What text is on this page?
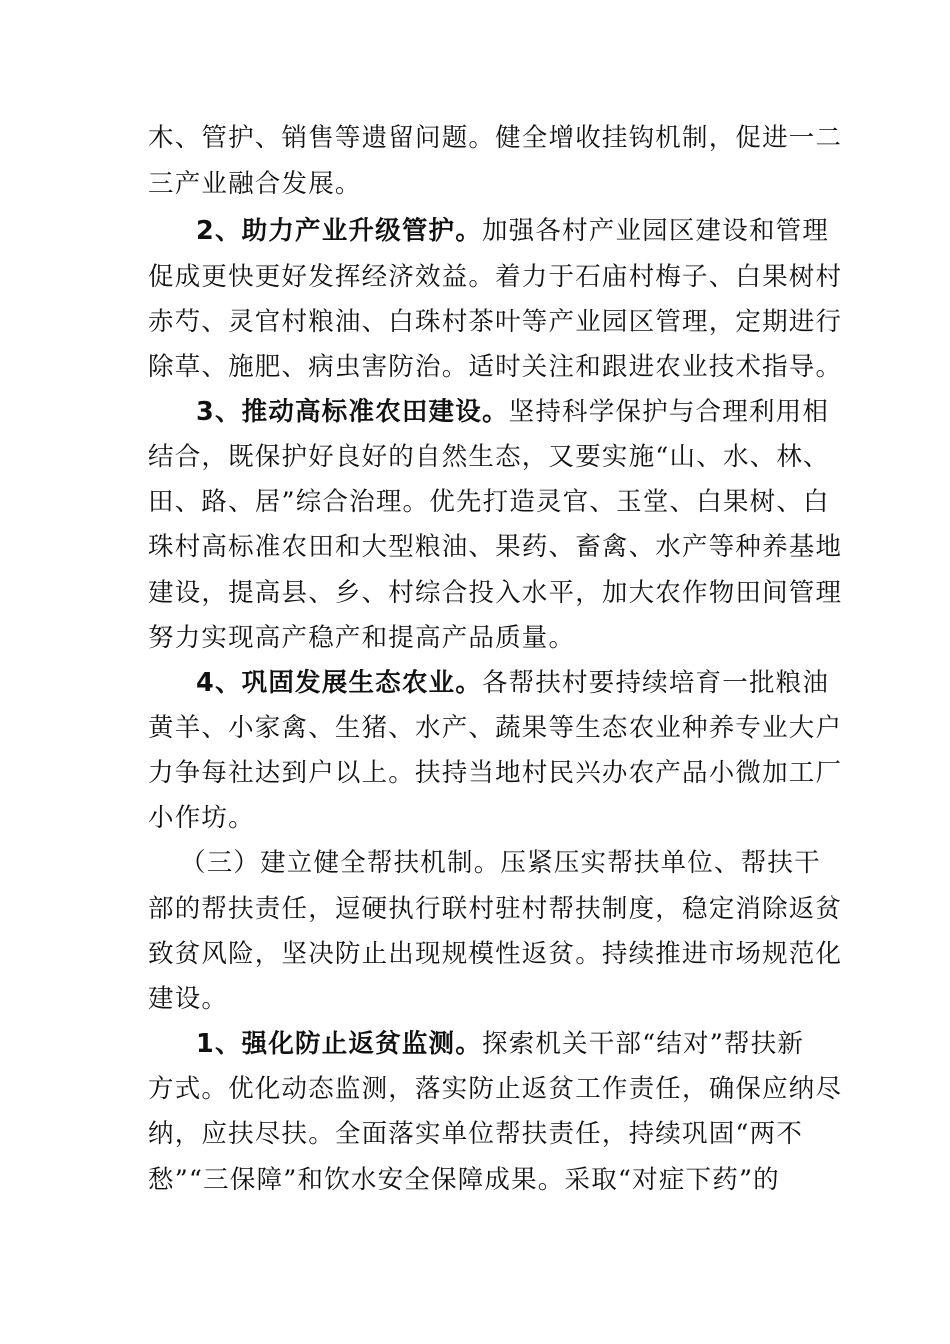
木、管护、销售等遗留问题。健全增收挂钩机制，促进一二
三产业融合发展。
2、助力产业升级管护。加强各村产业园区建设和管理
促成更快更好发挥经济效益。着力于石庙村梅子、白果树村
赤芍、灵官村粮油、白珠村茶叶等产业园区管理，定期进行
除草、施肥、病虫害防治。适时关注和跟进农业技术指导。
3、推动高标准农田建设。坚持科学保护与合理利用相
结合，既保护好良好的自然生态，又要实施“山、水、林、
田、路、居”综合治理。优先打造灵官、玉堂、白果树、白
珠村高标准农田和大型粮油、果药、畜禽、水产等种养基地
建设，提高县、乡、村综合投入水平，加大农作物田间管理
努力实现高产稳产和提高产品质量。
4、巩固发展生态农业。各帮扶村要持续培育一批粮油
黄羊、小家禽、生猪、水产、蔬果等生态农业种养专业大户
力争每社达到户以上。扶持当地村民兴办农产品小微加工厂
小作坊。
（三）建立健全帮扶机制。压紧压实帮扶单位、帮扶干
部的帮扶责任，逗硬执行联村驻村帮扶制度，稳定消除返贫
致贫风险，坚决防止出现规模性返贫。持续推进市场规范化
建设。
1、强化防止返贫监测。探索机关干部“结对”帮扶新
方式。优化动态监测，落实防止返贫工作责任，确保应纳尽
纳，应扶尽扶。全面落实单位帮扶责任，持续巩固“两不
愁”“三保障”和饮水安全保障成果。采取“对症下药”的
